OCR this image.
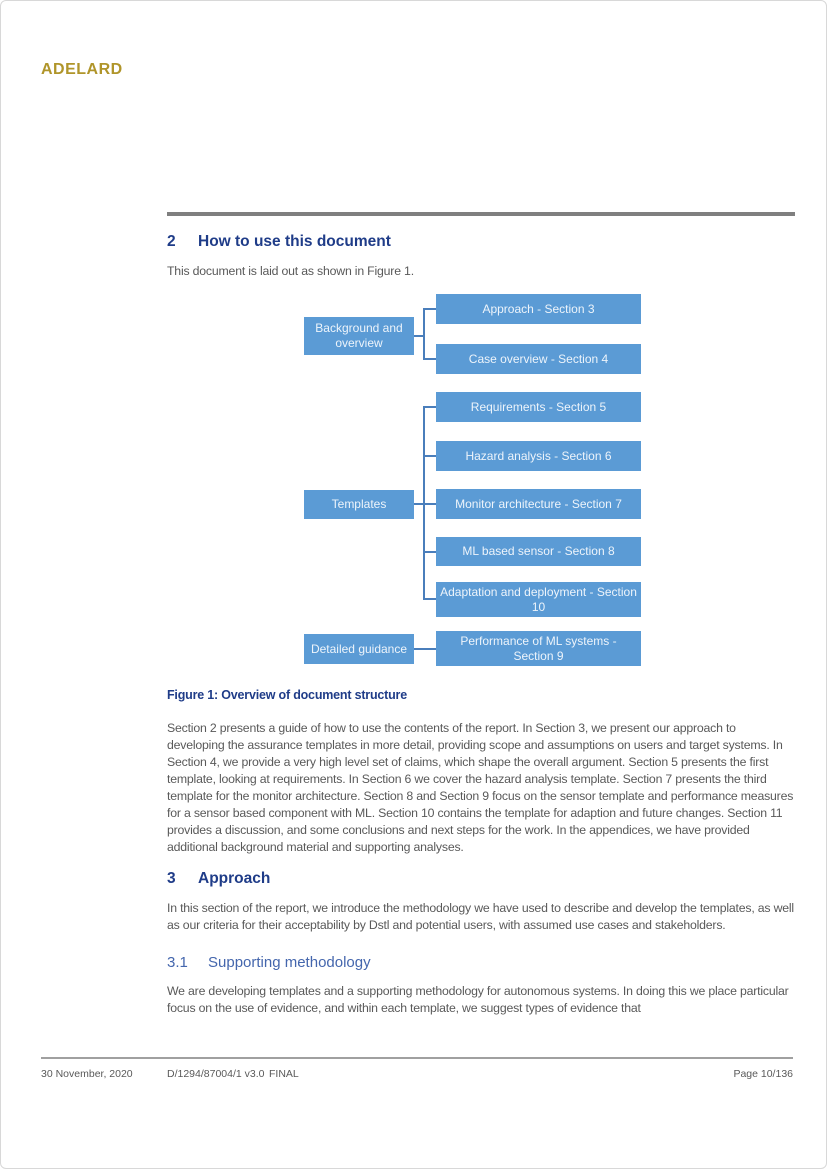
ADELARD
2	How to use this document

This document is laid out as shown in Figure 1.

Background and overview
Templates
Detailed guidance
Approach - Section 3
Case overview - Section 4
Requirements - Section 5
Hazard analysis - Section 6
Monitor architecture - Section 7
ML based sensor - Section 8
Adaptation and deployment - Section 10
Performance of ML systems - Section 9

Figure 1: Overview of document structure

Section 2 presents a guide of how to use the contents of the report. In Section 3, we present our approach to developing the assurance templates in more detail, providing scope and assumptions on users and target systems. In Section 4, we provide a very high level set of claims, which shape the overall argument. Section 5 presents the first template, looking at requirements. In Section 6 we cover the hazard analysis template. Section 7 presents the third template for the monitor architecture. Section 8 and Section 9 focus on the sensor template and performance measures for a sensor based component with ML. Section 10 contains the template for adaption and future changes. Section 11 provides a discussion, and some conclusions and next steps for the work. In the appendices, we have provided additional background material and supporting analyses.

3	Approach

In this section of the report, we introduce the methodology we have used to describe and develop the templates, as well as our criteria for their acceptability by Dstl and potential users, with assumed use cases and stakeholders.

3.1	Supporting methodology

We are developing templates and a supporting methodology for autonomous systems. In doing this we place particular focus on the use of evidence, and within each template, we suggest types of evidence that

30 November, 2020	D/1294/87004/1 v3.0 FINAL	Page 10/136
